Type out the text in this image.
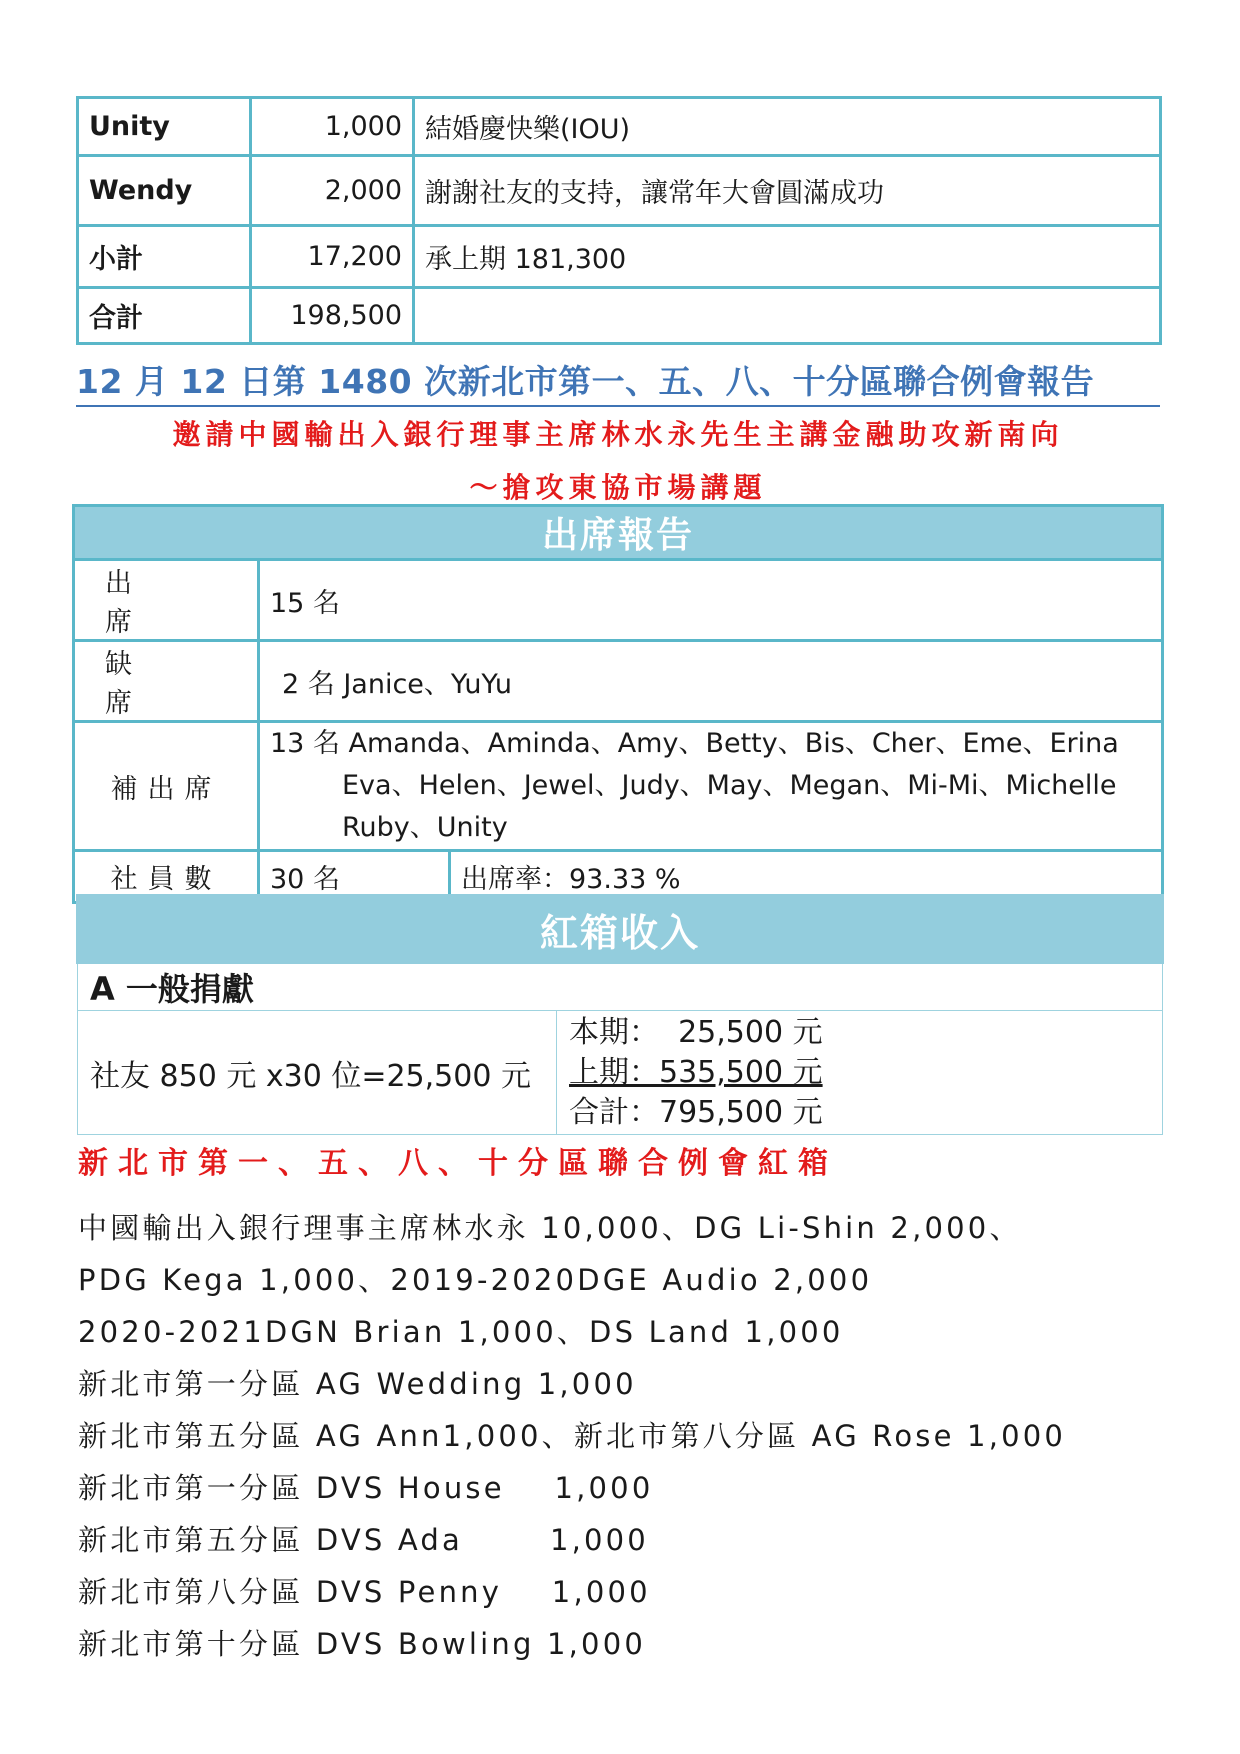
Unity	1,000	結婚慶快樂(IOU)
Wendy	2,000	謝謝社友的支持，讓常年大會圓滿成功
小計	17,200	承上期 181,300
合計	198,500	
12 月 12 日第 1480 次新北市第一、五、八、十分區聯合例會報告
邀請中國輸出入銀行理事主席林水永先生主講金融助攻新南向
～搶攻東協市場講題
出席報告		
出 席	15 名	
缺 席	2 名 Janice、YuYu	
補出席	13 名 Amanda、Aminda、Amy、Betty、Bis、Cher、Eme、Erina
Eva、Helen、Jewel、Judy、May、Megan、Mi-Mi、Michelle
Ruby、Unity	

社員數	30 名	出席率：93.33 %
紅箱收入
A 一般捐獻
社友 850 元 x30 位=25,500 元	
本期：  25,500 元
上期：535,500 元
合計：795,500 元
新北市第一、五、八、十分區聯合例會紅箱
中國輸出入銀行理事主席林水永 10,000、DG Li-Shin 2,000、
PDG Kega 1,000、2019-2020DGE Audio 2,000
2020-2021DGN Brian 1,000、DS Land 1,000
新北市第一分區 AG Wedding 1,000
新北市第五分區 AG Ann1,000、新北市第八分區 AG Rose 1,000
新北市第一分區 DVS House    1,000
新北市第五分區 DVS Ada       1,000
新北市第八分區 DVS Penny    1,000
新北市第十分區 DVS Bowling 1,000
